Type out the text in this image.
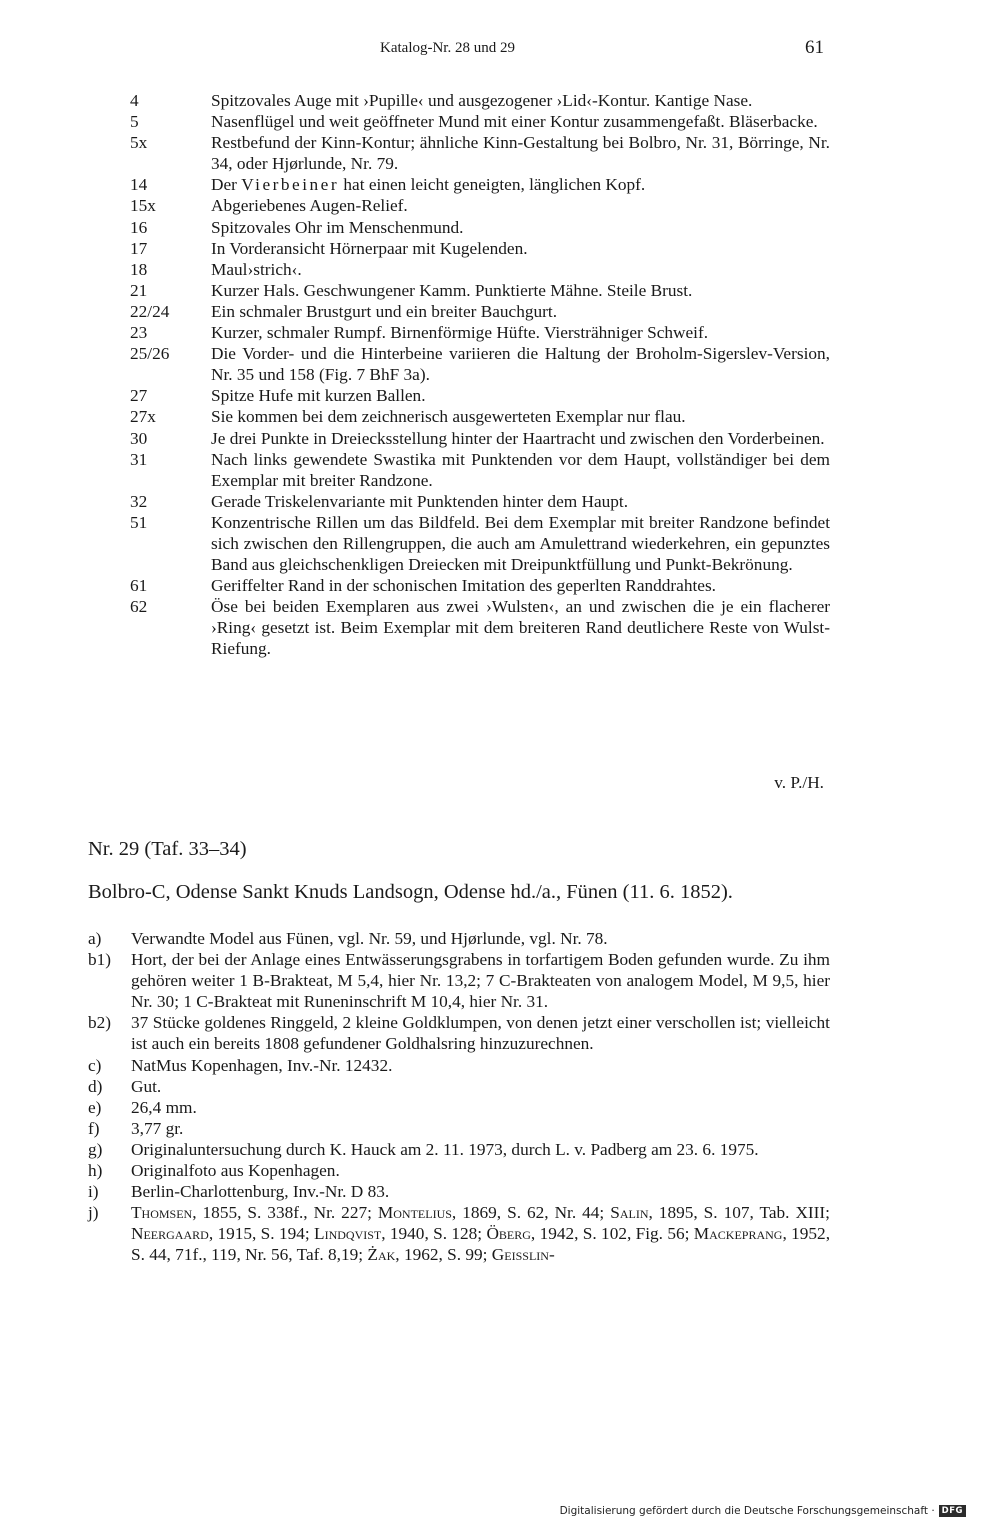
Katalog-Nr. 28 und 29	61
4	Spitzovales Auge mit ›Pupille‹ und ausgezogener ›Lid‹-Kontur. Kantige Nase.
5	Nasenflügel und weit geöffneter Mund mit einer Kontur zusammengefaßt. Bläserbacke.
5x	Restbefund der Kinn-Kontur; ähnliche Kinn-Gestaltung bei Bolbro, Nr. 31, Börringe, Nr. 34, oder Hjørlunde, Nr. 79.
14	Der Vierbeiner hat einen leicht geneigten, länglichen Kopf.
15x	Abgeriebenes Augen-Relief.
16	Spitzovales Ohr im Menschenmund.
17	In Vorderansicht Hörnerpaar mit Kugelenden.
18	Maul›strich‹.
21	Kurzer Hals. Geschwungener Kamm. Punktierte Mähne. Steile Brust.
22/24	Ein schmaler Brustgurt und ein breiter Bauchgurt.
23	Kurzer, schmaler Rumpf. Birnenförmige Hüfte. Viersträhniger Schweif.
25/26	Die Vorder- und die Hinterbeine variieren die Haltung der Broholm-Sigerslev-Version, Nr. 35 und 158 (Fig. 7 BhF 3a).
27	Spitze Hufe mit kurzen Ballen.
27x	Sie kommen bei dem zeichnerisch ausgewerteten Exemplar nur flau.
30	Je drei Punkte in Dreiecksstellung hinter der Haartracht und zwischen den Vorderbeinen.
31	Nach links gewendete Swastika mit Punktenden vor dem Haupt, vollständiger bei dem Exemplar mit breiter Randzone.
32	Gerade Triskelenvariante mit Punktenden hinter dem Haupt.
51	Konzentrische Rillen um das Bildfeld. Bei dem Exemplar mit breiter Randzone befindet sich zwischen den Rillengruppen, die auch am Amulettrand wiederkehren, ein gepunztes Band aus gleichschenkligen Dreiecken mit Dreipunktfüllung und Punkt-Bekrönung.
61	Geriffelter Rand in der schonischen Imitation des geperlten Randdrahtes.
62	Öse bei beiden Exemplaren aus zwei ›Wulsten‹, an und zwischen die je ein flacherer ›Ring‹ gesetzt ist. Beim Exemplar mit dem breiteren Rand deutlichere Reste von Wulst-Riefung.
v. P./H.
Nr. 29 (Taf. 33–34)
Bolbro-C, Odense Sankt Knuds Landsogn, Odense hd./a., Fünen (11. 6. 1852).
a)	Verwandte Model aus Fünen, vgl. Nr. 59, und Hjørlunde, vgl. Nr. 78.
b1)	Hort, der bei der Anlage eines Entwässerungsgrabens in torfartigem Boden gefunden wurde. Zu ihm gehören weiter 1 B-Brakteat, M 5,4, hier Nr. 13,2; 7 C-Brakteaten von analogem Model, M 9,5, hier Nr. 30; 1 C-Brakteat mit Runeninschrift M 10,4, hier Nr. 31.
b2)	37 Stücke goldenes Ringgeld, 2 kleine Goldklumpen, von denen jetzt einer verschollen ist; vielleicht ist auch ein bereits 1808 gefundener Goldhalsring hinzuzurechnen.
c)	NatMus Kopenhagen, Inv.-Nr. 12432.
d)	Gut.
e)	26,4 mm.
f)	3,77 gr.
g)	Originaluntersuchung durch K. Hauck am 2. 11. 1973, durch L. v. Padberg am 23. 6. 1975.
h)	Originalfoto aus Kopenhagen.
i)	Berlin-Charlottenburg, Inv.-Nr. D 83.
j)	Thomsen, 1855, S. 338f., Nr. 227; Montelius, 1869, S. 62, Nr. 44; Salin, 1895, S. 107, Tab. XIII; Neergaard, 1915, S. 194; Lindqvist, 1940, S. 128; Öberg, 1942, S. 102, Fig. 56; Mackeprang, 1952, S. 44, 71f., 119, Nr. 56, Taf. 8,19; Żak, 1962, S. 99; Geisslin-
Digitalisierung gefördert durch die Deutsche Forschungsgemeinschaft · DFG
